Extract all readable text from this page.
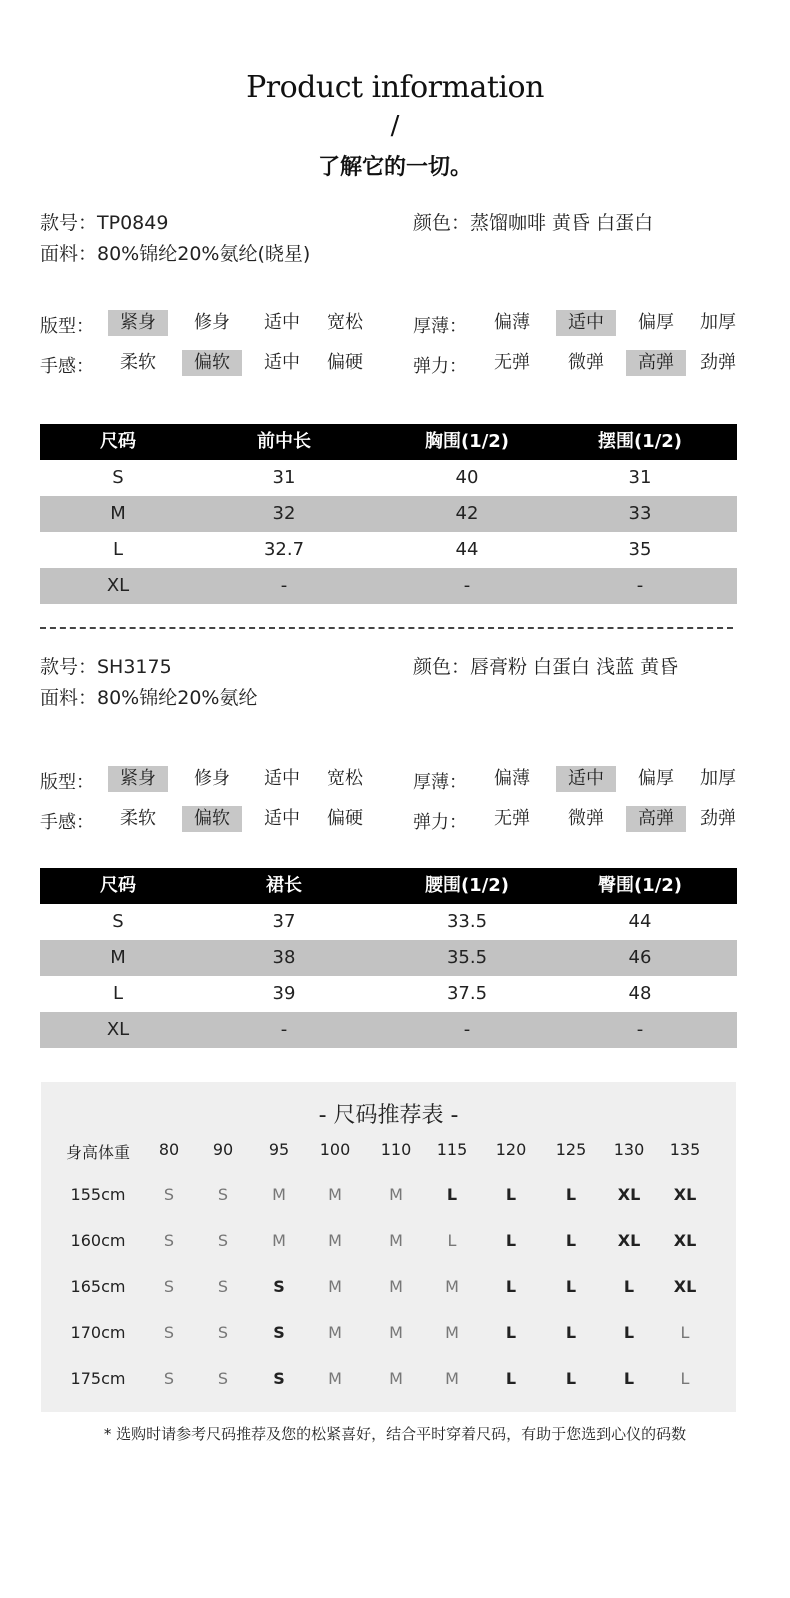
Product information
/
了解它的一切。
款号：TP0849
面料：80%锦纶20%氨纶(晓星)
颜色：蒸馏咖啡 黄昏 白蛋白
版型：	紧身	修身	适中	宽松
手感：	柔软	偏软	适中	偏硬
厚薄：	偏薄	适中	偏厚	加厚
弹力：	无弹	微弹	高弹	劲弹
尺码	前中长	胸围(1/2)	摆围(1/2)
S	31	40	31
M	32	42	33
L	32.7	44	35
XL	-	-	-
款号：SH3175
面料：80%锦纶20%氨纶
颜色：唇膏粉 白蛋白 浅蓝 黄昏
版型：	紧身	修身	适中	宽松
手感：	柔软	偏软	适中	偏硬
厚薄：	偏薄	适中	偏厚	加厚
弹力：	无弹	微弹	高弹	劲弹
尺码	裙长	腰围(1/2)	臀围(1/2)
S	37	33.5	44
M	38	35.5	46
L	39	37.5	48
XL	-	-	-
- 尺码推荐表 -
身高体重 80 90 95 100 110 115 120 125 130 135
155cm S	S	M	M	M	L	L	L	XL XL
160cm S	S	M	M	M	L	L	L	XL XL
165cm S	S	S	M	M	M	L	L	L XL
170cm S	S	S	M	M	M	L	L	L	L
175cm S	S	S	M	M	M	L	L	L	L
* 选购时请参考尺码推荐及您的松紧喜好，结合平时穿着尺码，有助于您选到心仪的码数
